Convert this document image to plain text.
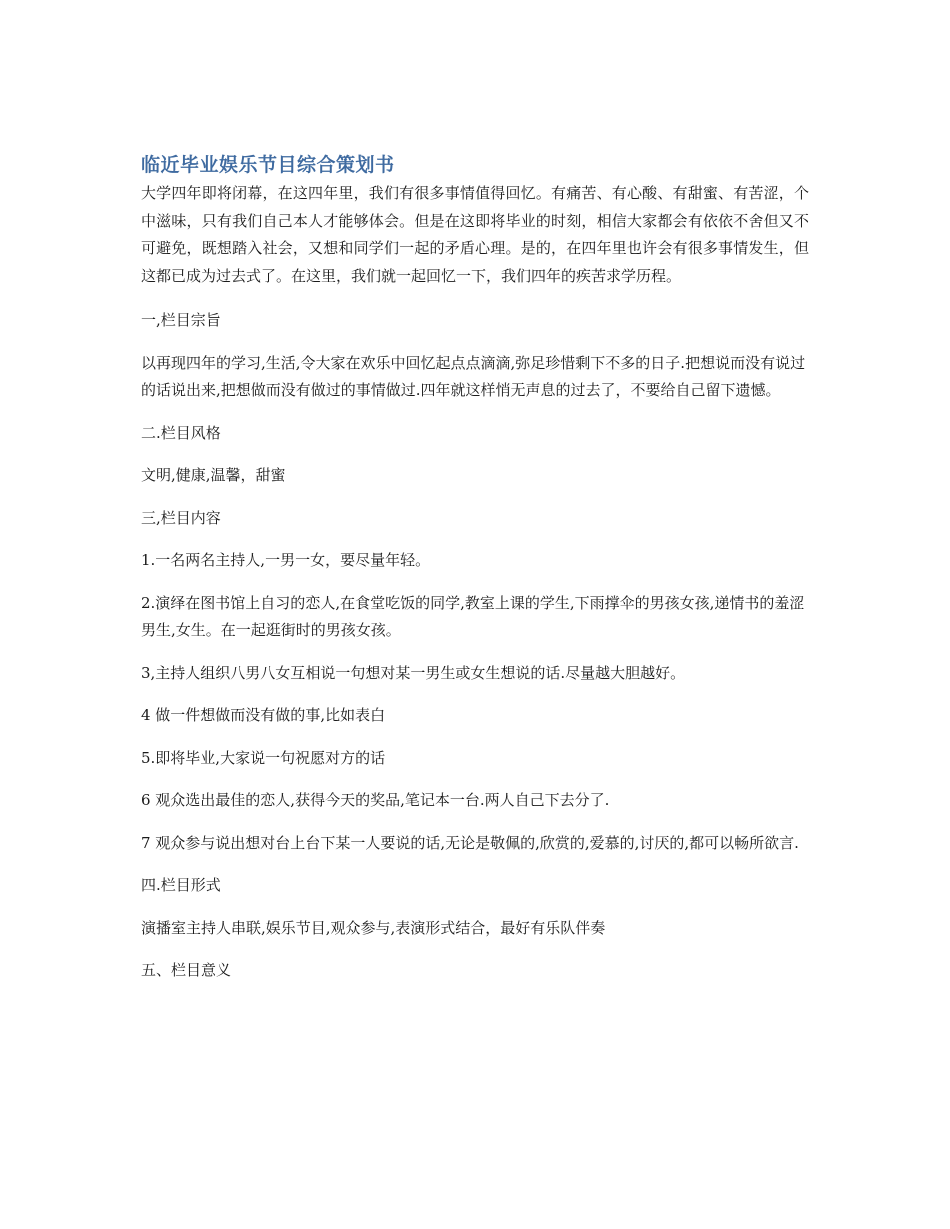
临近毕业娱乐节目综合策划书

大学四年即将闭幕，在这四年里，我们有很多事情值得回忆。有痛苦、有心酸、有甜蜜、有苦涩，个中滋味，只有我们自己本人才能够体会。但是在这即将毕业的时刻，相信大家都会有依依不舍但又不可避免，既想踏入社会，又想和同学们一起的矛盾心理。是的，在四年里也许会有很多事情发生，但这都已成为过去式了。在这里，我们就一起回忆一下，我们四年的疾苦求学历程。

一,栏目宗旨

以再现四年的学习,生活,令大家在欢乐中回忆起点点滴滴,弥足珍惜剩下不多的日子.把想说而没有说过的话说出来,把想做而没有做过的事情做过.四年就这样悄无声息的过去了，不要给自己留下遗憾。

二.栏目风格

文明,健康,温馨，甜蜜

三,栏目内容

1.一名两名主持人,一男一女，要尽量年轻。

2.演绎在图书馆上自习的恋人,在食堂吃饭的同学,教室上课的学生,下雨撑伞的男孩女孩,递情书的羞涩男生,女生。在一起逛街时的男孩女孩。

3,主持人组织八男八女互相说一句想对某一男生或女生想说的话.尽量越大胆越好。

4 做一件想做而没有做的事,比如表白

5.即将毕业,大家说一句祝愿对方的话

6 观众选出最佳的恋人,获得今天的奖品,笔记本一台.两人自己下去分了.

7 观众参与说出想对台上台下某一人要说的话,无论是敬佩的,欣赏的,爱慕的,讨厌的,都可以畅所欲言.

四.栏目形式

演播室主持人串联,娱乐节目,观众参与,表演形式结合，最好有乐队伴奏

五、栏目意义
